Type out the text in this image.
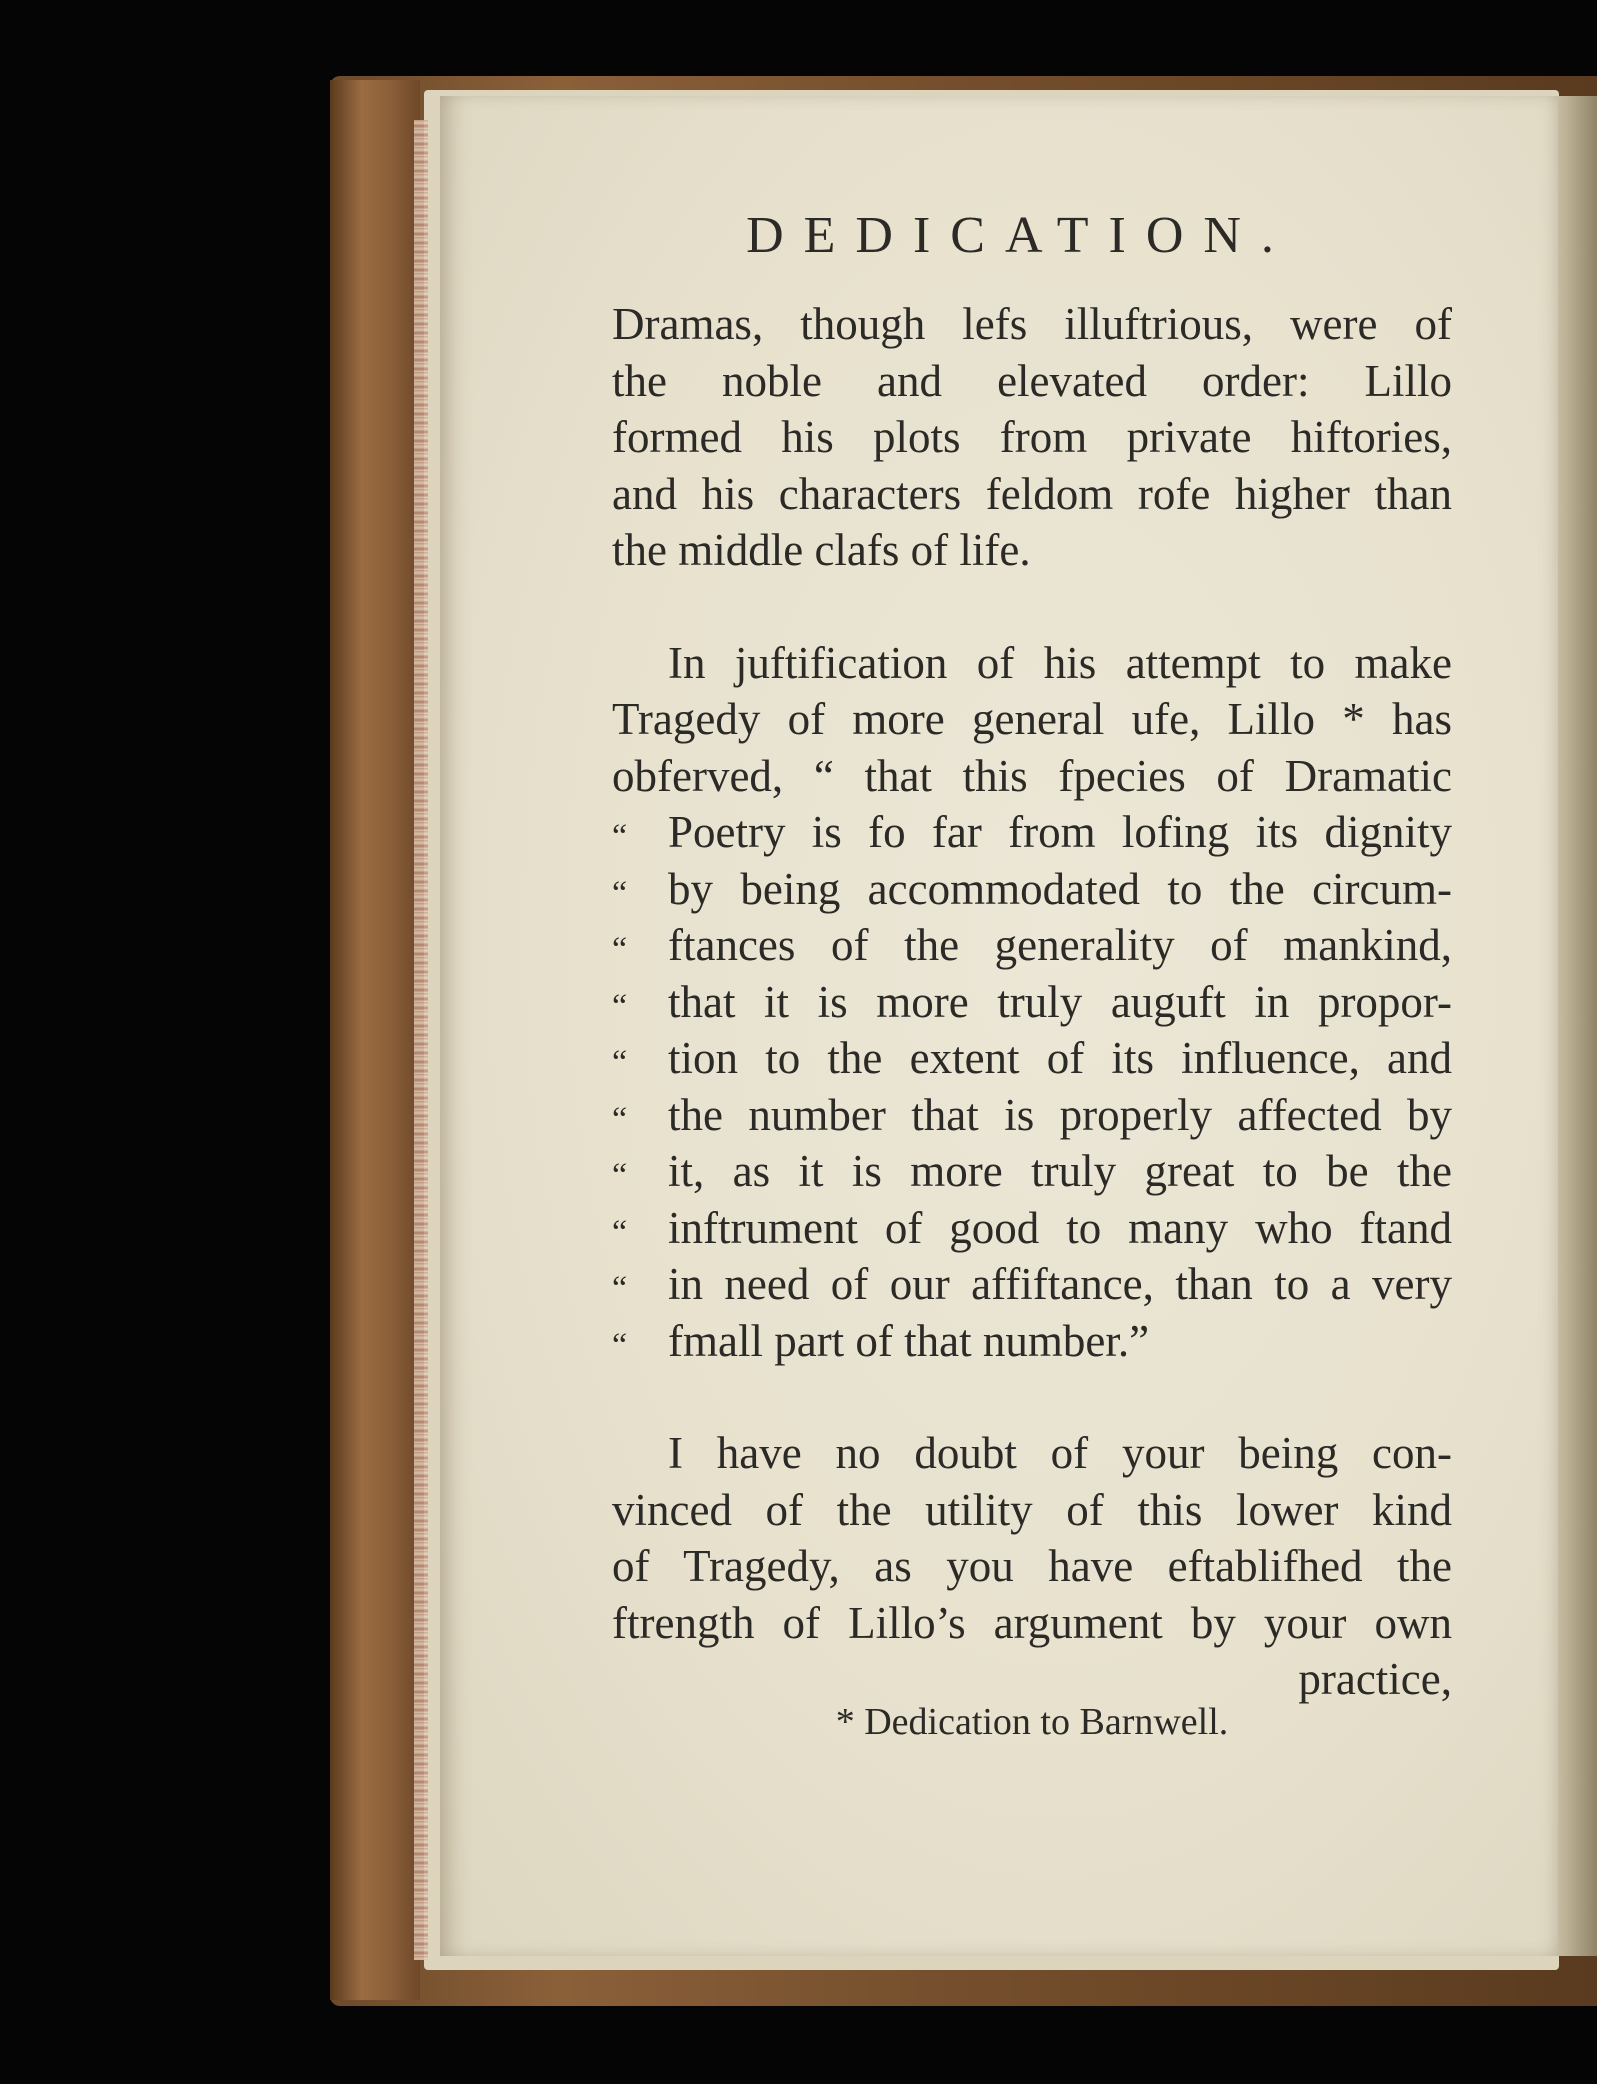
DEDICATION.
Dramas, though lefs illuftrious, were of
the noble and elevated order: Lillo
formed his plots from private hiftories,
and his characters feldom rofe higher than
the middle clafs of life.
In juftification of his attempt to make
Tragedy of more general ufe, Lillo * has
obferved, “ that this fpecies of Dramatic
“ Poetry is fo far from lofing its dignity
“ by being accommodated to the circum-
“ ftances of the generality of mankind,
“ that it is more truly auguft in propor-
“ tion to the extent of its influence, and
“ the number that is properly affected by
“ it, as it is more truly great to be the
“ inftrument of good to many who ftand
“ in need of our affiftance, than to a very
“ fmall part of that number.”
I have no doubt of your being con-
vinced of the utility of this lower kind
of Tragedy, as you have eftablifhed the
ftrength of Lillo’s argument by your own
practice,
* Dedication to Barnwell.
